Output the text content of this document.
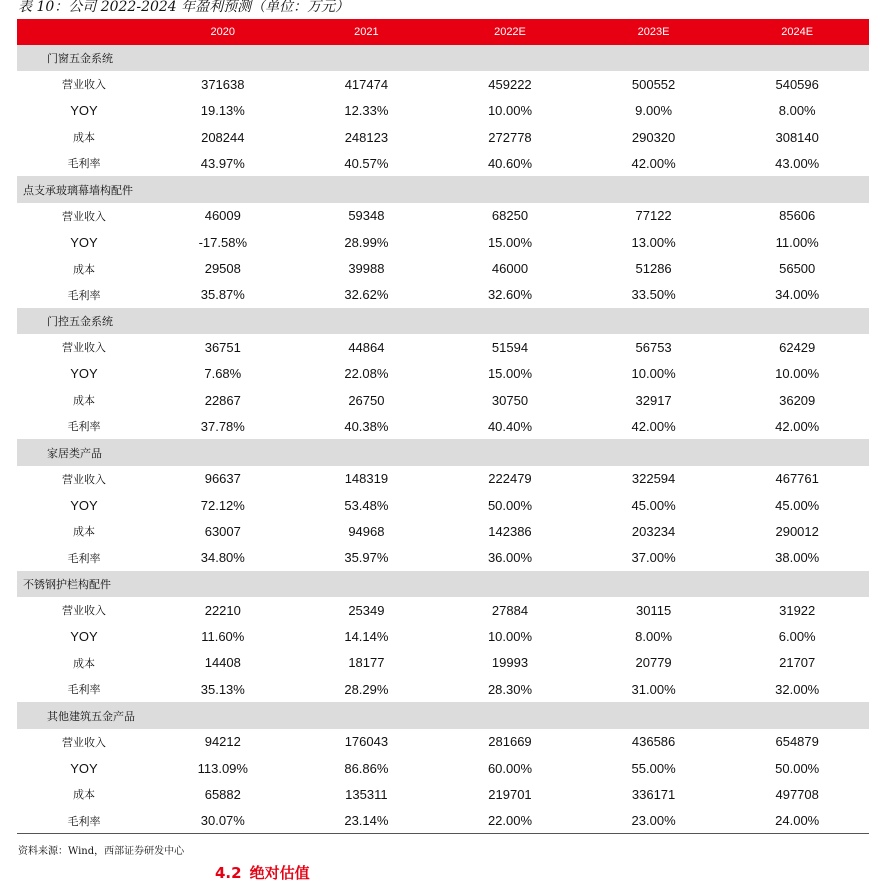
表 10：公司 2022-2024 年盈利预测（单位：万元）
	2020	2021	2022E	2023E	2024E
门窗五金系统					
营业收入	371638	417474	459222	500552	540596
YOY	19.13%	12.33%	10.00%	9.00%	8.00%
成本	208244	248123	272778	290320	308140
毛利率	43.97%	40.57%	40.60%	42.00%	43.00%
点支承玻璃幕墙构配件					
营业收入	46009	59348	68250	77122	85606
YOY	-17.58%	28.99%	15.00%	13.00%	11.00%
成本	29508	39988	46000	51286	56500
毛利率	35.87%	32.62%	32.60%	33.50%	34.00%
门控五金系统					
营业收入	36751	44864	51594	56753	62429
YOY	7.68%	22.08%	15.00%	10.00%	10.00%
成本	22867	26750	30750	32917	36209
毛利率	37.78%	40.38%	40.40%	42.00%	42.00%
家居类产品					
营业收入	96637	148319	222479	322594	467761
YOY	72.12%	53.48%	50.00%	45.00%	45.00%
成本	63007	94968	142386	203234	290012
毛利率	34.80%	35.97%	36.00%	37.00%	38.00%
不锈钢护栏构配件					
营业收入	22210	25349	27884	30115	31922
YOY	11.60%	14.14%	10.00%	8.00%	6.00%
成本	14408	18177	19993	20779	21707
毛利率	35.13%	28.29%	28.30%	31.00%	32.00%
其他建筑五金产品					
营业收入	94212	176043	281669	436586	654879
YOY	113.09%	86.86%	60.00%	55.00%	50.00%
成本	65882	135311	219701	336171	497708
毛利率	30.07%	23.14%	22.00%	23.00%	24.00%
资料来源：Wind，西部证券研发中心
4.2 绝对估值
